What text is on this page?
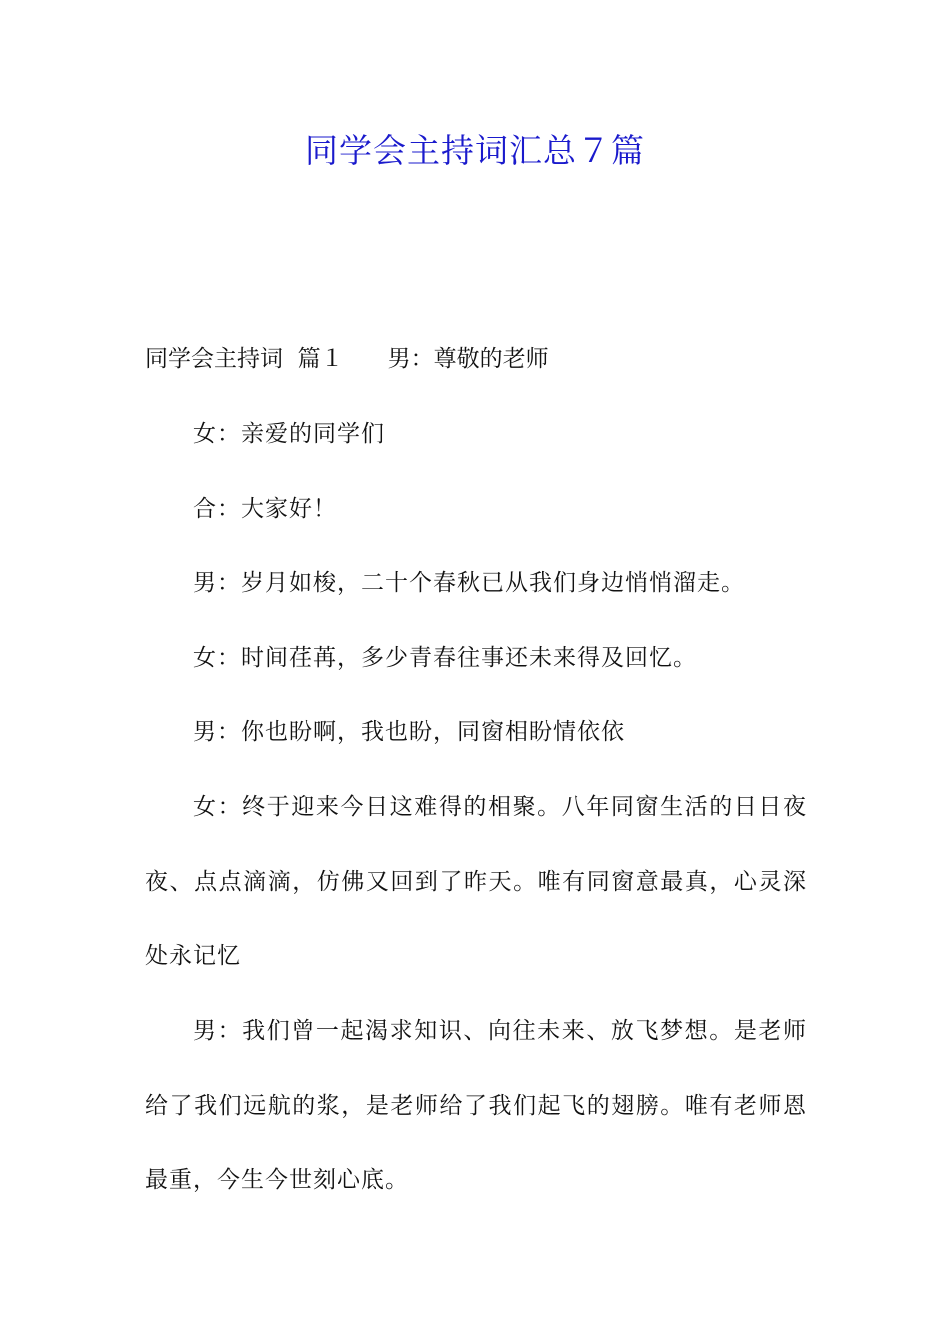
同学会主持词汇总７篇
同学会主持词  篇１ 男：尊敬的老师
女：亲爱的同学们
合：大家好！
男：岁月如梭，二十个春秋已从我们身边悄悄溜走。
女：时间荏苒，多少青春往事还未来得及回忆。
男：你也盼啊，我也盼，同窗相盼情依依
女：终于迎来今日这难得的相聚。八年同窗生活的日日夜夜、点点滴滴，仿佛又回到了昨天。唯有同窗意最真，心灵深处永记忆
男：我们曾一起渴求知识、向往未来、放飞梦想。是老师给了我们远航的浆，是老师给了我们起飞的翅膀。唯有老师恩最重，今生今世刻心底。
